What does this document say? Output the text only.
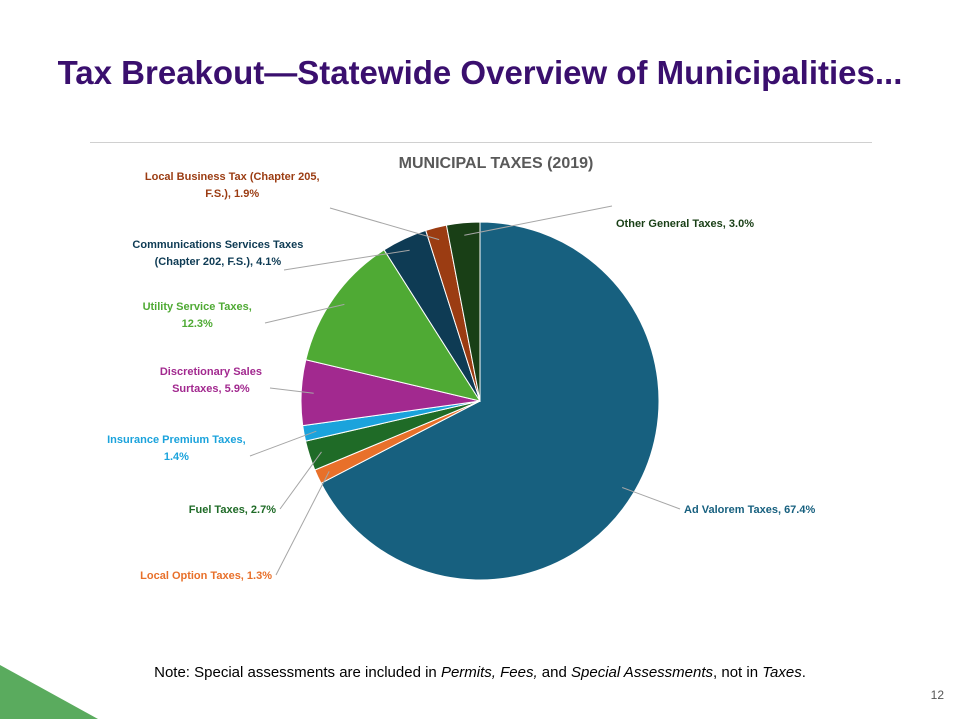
Tax Breakout—Statewide Overview of Municipalities...
MUNICIPAL TAXES (2019)
Ad Valorem Taxes, 67.4%
Local Option Taxes, 1.3%
Fuel Taxes, 2.7%
Insurance Premium Taxes, 1.4%
Discretionary Sales Surtaxes, 5.9%
Utility Service Taxes, 12.3%
Communications Services Taxes (Chapter 202, F.S.), 4.1%
Local Business Tax (Chapter 205, F.S.), 1.9%
Other General Taxes, 3.0%
Note: Special assessments are included in Permits, Fees, and Special Assessments, not in Taxes.
12
